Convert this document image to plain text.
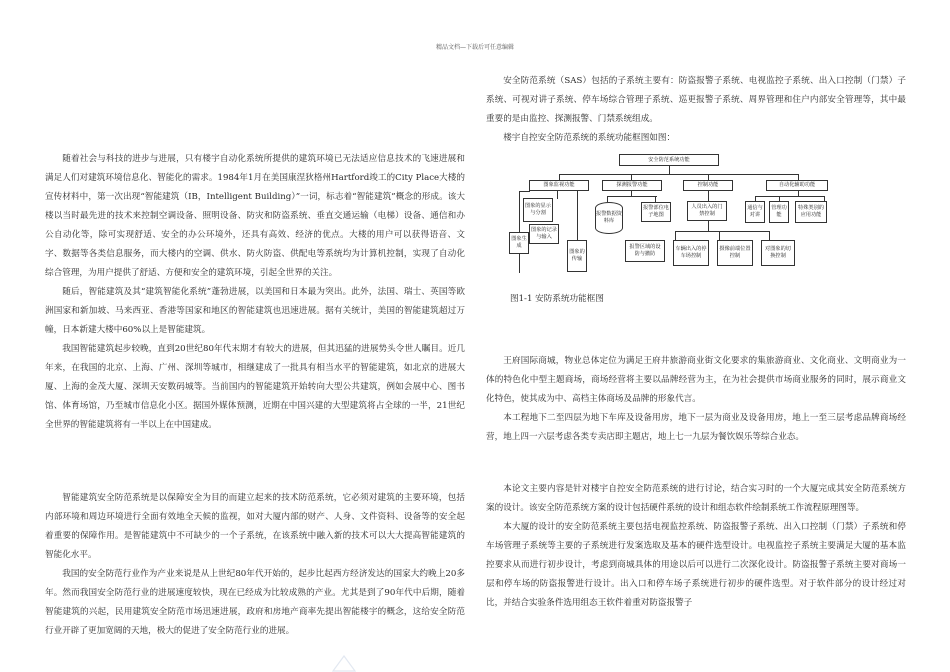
精品文档—下载后可任意编辑

随着社会与科技的进步与进展，只有楼宇自动化系统所提供的建筑环境已无法适应信息技术的飞速进展和满足人们对建筑环境信息化、智能化的需求。1984年1月在美国康涅狄格州Hartford竣工的City Place大楼的宣传材料中，第一次出现“智能建筑（IB，Intelligent Building）”一词，标志着“智能建筑”概念的形成。该大楼以当时最先进的技术来控制空调设备、照明设备、防灾和防盗系统、垂直交通运输（电梯）设备、通信和办公自动化等，除可实现舒适、安全的办公环境外，还具有高效、经济的优点。大楼的用户可以获得语音、文字、数据等各类信息服务，而大楼内的空调、供水、防火防盗、供配电等系统均为计算机控制，实现了自动化综合管理，为用户提供了舒适、方便和安全的建筑环境，引起全世界的关注。

随后，智能建筑及其“建筑智能化系统”蓬勃进展，以美国和日本最为突出。此外，法国、瑞士、英国等欧洲国家和新加坡、马来西亚、香港等国家和地区的智能建筑也迅速进展。据有关统计，美国的智能建筑超过万幢，日本新建大楼中60%以上是智能建筑。

我国智能建筑起步较晚，直到20世纪80年代末期才有较大的进展，但其迅猛的进展势头令世人瞩目。近几年来，在我国的北京、上海、广州、深圳等城市，相继建成了一批具有相当水平的智能建筑，如北京的进展大厦、上海的金茂大厦、深圳天安数码城等。当前国内的智能建筑开始转向大型公共建筑，例如会展中心、图书馆、体育场馆，乃至城市信息化小区。据国外媒体预测，近期在中国兴建的大型建筑将占全球的一半，21世纪全世界的智能建筑将有一半以上在中国建成。

智能建筑安全防范系统是以保障安全为目的而建立起来的技术防范系统，它必须对建筑的主要环境，包括内部环境和周边环境进行全面有效地全天候的监视，如对大厦内部的财产、人身、文件资料、设备等的安全起着重要的保障作用。是智能建筑中不可缺少的一个子系统，在该系统中融入新的技术可以大大提高智能建筑的智能化水平。

我国的安全防范行业作为产业来说是从上世纪80年代开始的，起步比起西方经济发达的国家大约晚上20多年。然而我国安全防范行业的进展速度较快，现在已经成为比较成熟的产业。尤其是到了90年代中后期，随着智能建筑的兴起，民用建筑安全防范市场迅速进展，政府和房地产商率先提出智能楼宇的概念，这给安全防范行业开辟了更加宽阔的天地，极大的促进了安全防范行业的进展。

安全防范系统（SAS）包括的子系统主要有：防盗报警子系统、电视监控子系统、出入口控制（门禁）子系统、可视对讲子系统、停车场综合管理子系统、巡更报警子系统、周界管理和住户内部安全管理等，其中最重要的是由监控、探测报警、门禁系统组成。

楼宇自控安全防范系统的系统功能框图如图：

安全防范系统功能
图象监视功能	探测报警功能	控制功能	自动化辅助功能
图象的显示与分割
图象的记录与输入
图象生成
图象的传输
报警数据资料库
报警部位电子地图
报警区域的设防与撤防
人员出入的门禁控制
车辆出入的停车场控制
摄像前端位置控制
对图象的切换控制
通信与对讲
管理功能
特殊类别的应用功能
图1-1 安防系统功能框图

王府国际商城，物业总体定位为满足王府井旅游商业街文化要求的集旅游商业、文化商业、文明商业为一体的特色化中型主题商场，商场经营将主要以品牌经营为主，在为社会提供市场商业服务的同时，展示商业文化特色，使其成为中、高档主体商场及品牌的形象代言。

本工程地下二至四层为地下车库及设备用房，地下一层为商业及设备用房，地上一至三层考虑品牌商场经营，地上四一六层考虑各类专卖店即主题店，地上七一九层为餐饮娱乐等综合业态。

本论文主要内容是针对楼宇自控安全防范系统的进行讨论，结合实习时的一个大厦完成其安全防范系统方案的设计。该安全防范系统方案的设计包括硬件系统的设计和组态软件绘制系统工作流程原理图等。

本大厦的设计的安全防范系统主要包括电视监控系统、防盗报警子系统、出入口控制（门禁）子系统和停车场管理子系统等主要的子系统进行发案选取及基本的硬件选型设计。电视监控子系统主要满足大厦的基本监控要求从而进行初步设计，考虑到商城具体的用途以后可以进行二次深化设计。防盗报警子系统主要对商场一层和停车场的防盗报警进行设计。出入口和停车场子系统进行初步的硬件选型。对于软件部分的设计经过对比，并结合实验条件选用组态王软件着重对防盗报警子
